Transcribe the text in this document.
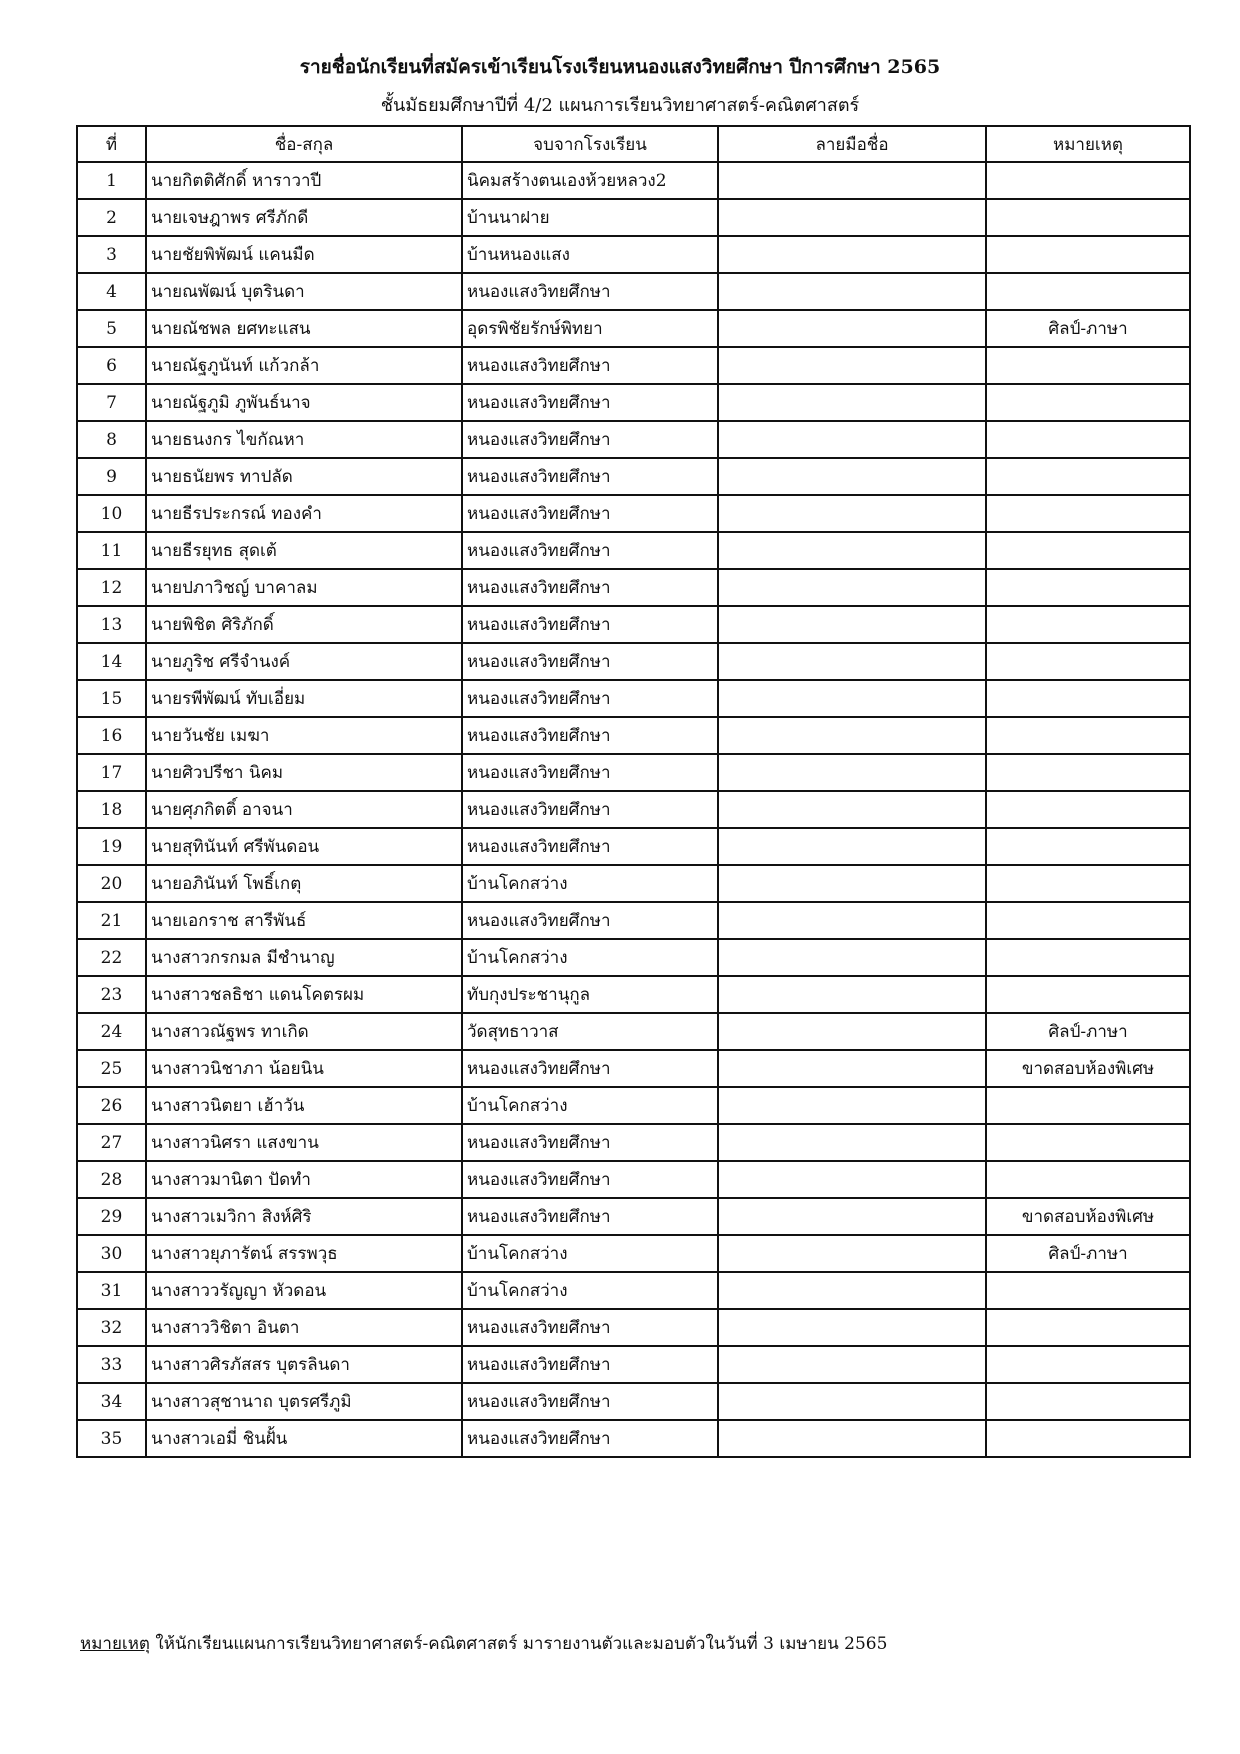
รายชื่อนักเรียนที่สมัครเข้าเรียนโรงเรียนหนองแสงวิทยศึกษา ปีการศึกษา 2565
ชั้นมัธยมศึกษาปีที่ 4/2 แผนการเรียนวิทยาศาสตร์-คณิตศาสตร์
ที่	ชื่อ-สกุล	จบจากโรงเรียน	ลายมือชื่อ	หมายเหตุ
1	นายกิตติศักดิ์ หาราวาปี	นิคมสร้างตนเองห้วยหลวง2		
2	นายเจษฎาพร ศรีภักดี	บ้านนาฝาย		
3	นายชัยพิพัฒน์ แคนมืด	บ้านหนองแสง		
4	นายณพัฒน์ บุตรินดา	หนองแสงวิทยศึกษา		
5	นายณัชพล ยศทะแสน	อุดรพิชัยรักษ์พิทยา		ศิลป์-ภาษา
6	นายณัฐภูนันท์ แก้วกล้า	หนองแสงวิทยศึกษา		
7	นายณัฐภูมิ ภูพันธ์นาจ	หนองแสงวิทยศึกษา		
8	นายธนงกร ไขกัณหา	หนองแสงวิทยศึกษา		
9	นายธนัยพร ทาปลัด	หนองแสงวิทยศึกษา		
10	นายธีรประกรณ์ ทองคำ	หนองแสงวิทยศึกษา		
11	นายธีรยุทธ สุดเต้	หนองแสงวิทยศึกษา		
12	นายปภาวิชญ์ บาคาลม	หนองแสงวิทยศึกษา		
13	นายพิชิต ศิริภักดิ์	หนองแสงวิทยศึกษา		
14	นายภูริช ศรีจำนงค์	หนองแสงวิทยศึกษา		
15	นายรพีพัฒน์ ทับเอี่ยม	หนองแสงวิทยศึกษา		
16	นายวันชัย เมฆา	หนองแสงวิทยศึกษา		
17	นายศิวปรีชา นิคม	หนองแสงวิทยศึกษา		
18	นายศุภกิตติ์ อาจนา	หนองแสงวิทยศึกษา		
19	นายสุทินันท์ ศรีพันดอน	หนองแสงวิทยศึกษา		
20	นายอภินันท์ โพธิ์เกตุ	บ้านโคกสว่าง		
21	นายเอกราช สารีพันธ์	หนองแสงวิทยศึกษา		
22	นางสาวกรกมล มีชำนาญ	บ้านโคกสว่าง		
23	นางสาวชลธิชา แดนโคตรผม	ทับกุงประชานุกูล		
24	นางสาวณัฐพร ทาเกิด	วัดสุทธาวาส		ศิลป์-ภาษา
25	นางสาวนิชาภา น้อยนิน	หนองแสงวิทยศึกษา		ขาดสอบห้องพิเศษ
26	นางสาวนิตยา เฮ้าวัน	บ้านโคกสว่าง		
27	นางสาวนิศรา แสงขาน	หนองแสงวิทยศึกษา		
28	นางสาวมานิตา ปัดทำ	หนองแสงวิทยศึกษา		
29	นางสาวเมวิกา สิงห์ศิริ	หนองแสงวิทยศึกษา		ขาดสอบห้องพิเศษ
30	นางสาวยุภารัตน์ สรรพวุธ	บ้านโคกสว่าง		ศิลป์-ภาษา
31	นางสาววรัญญา หัวดอน	บ้านโคกสว่าง		
32	นางสาววิชิตา อินตา	หนองแสงวิทยศึกษา		
33	นางสาวศิรภัสสร บุตรลินดา	หนองแสงวิทยศึกษา		
34	นางสาวสุชานาถ บุตรศรีภูมิ	หนองแสงวิทยศึกษา		
35	นางสาวเอมี่ ชินฝั้น	หนองแสงวิทยศึกษา		
หมายเหตุ ให้นักเรียนแผนการเรียนวิทยาศาสตร์-คณิตศาสตร์ มารายงานตัวและมอบตัวในวันที่ 3 เมษายน 2565
